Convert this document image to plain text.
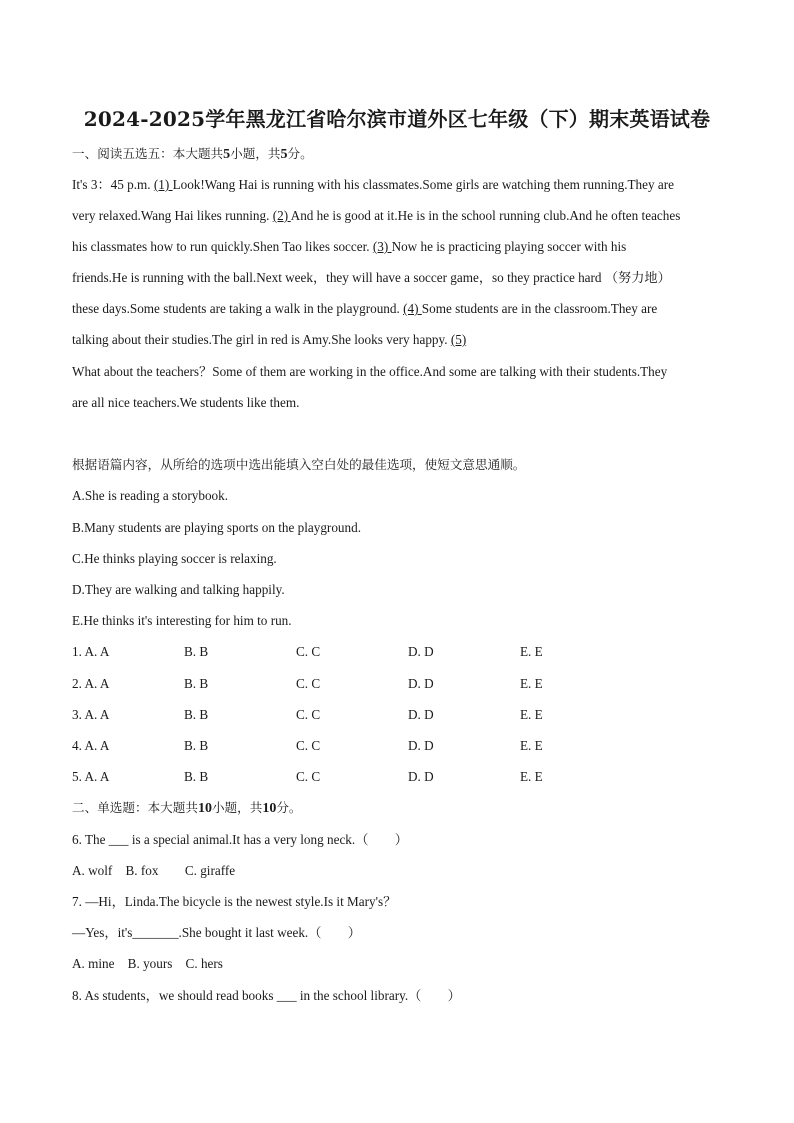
2024-2025学年黑龙江省哈尔滨市道外区七年级（下）期末英语试卷
一、阅读五选五：本大题共5小题，共5分。
It's 3：45 p.m. (1) Look!Wang Hai is running with his classmates.Some girls are watching them running.They are
very relaxed.Wang Hai likes running. (2) And he is good at it.He is in the school running club.And he often teaches
his classmates how to run quickly.Shen Tao likes soccer. (3) Now he is practicing playing soccer with his
friends.He is running with the ball.Next week，they will have a soccer game，so they practice hard （努力地）
these days.Some students are taking a walk in the playground. (4) Some students are in the classroom.They are
talking about their studies.The girl in red is Amy.She looks very happy. (5)
What about the teachers？Some of them are working in the office.And some are talking with their students.They
are all nice teachers.We students like them.
根据语篇内容，从所给的选项中选出能填入空白处的最佳选项，使短文意思通顺。
A.She is reading a storybook.
B.Many students are playing sports on the playground.
C.He thinks playing soccer is relaxing.
D.They are walking and talking happily.
E.He thinks it's interesting for him to run.
1. A. A	B. B	C. C	D. D	E. E
2. A. A	B. B	C. C	D. D	E. E
3. A. A	B. B	C. C	D. D	E. E
4. A. A	B. B	C. C	D. D	E. E
5. A. A	B. B	C. C	D. D	E. E
二、单选题：本大题共10小题，共10分。
6. The ___ is a special animal.It has a very long neck.（　　）
A. wolf　B. fox　　C. giraffe
7. —Hi，Linda.The bicycle is the newest style.Is it Mary's？
—Yes，it's_______.She bought it last week.（　　）
A. mine　B. yours　C. hers
8. As students，we should read books ___ in the school library.（　　）
